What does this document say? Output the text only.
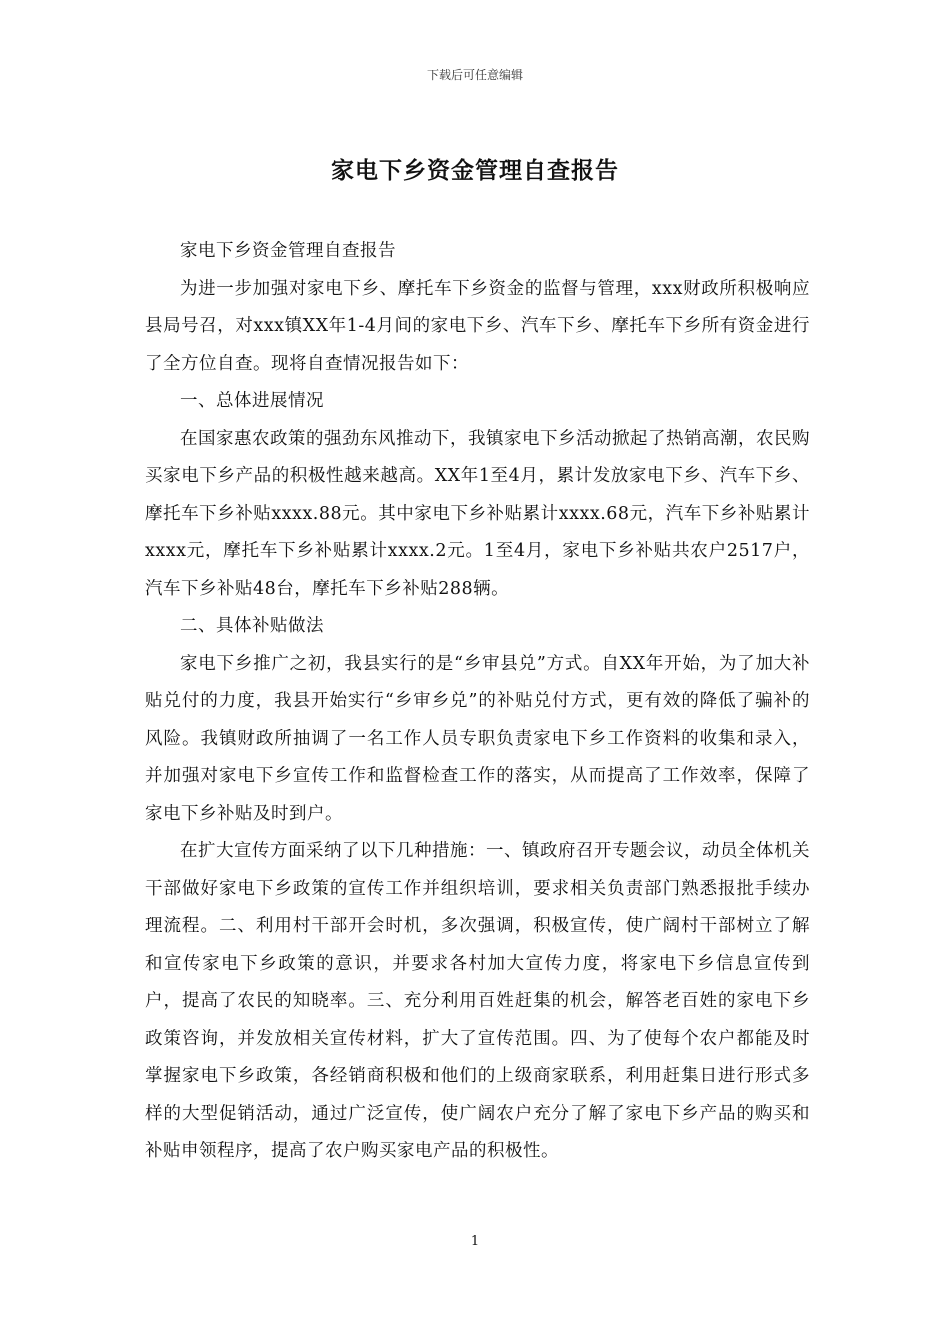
下载后可任意编辑
家电下乡资金管理自查报告

家电下乡资金管理自查报告

为进一步加强对家电下乡、摩托车下乡资金的监督与管理，xxx财政所积极响应县局号召，对xxx镇XX年1-4月间的家电下乡、汽车下乡、摩托车下乡所有资金进行了全方位自查。现将自查情况报告如下：

一、总体进展情况

在国家惠农政策的强劲东风推动下，我镇家电下乡活动掀起了热销高潮，农民购买家电下乡产品的积极性越来越高。XX年1至4月，累计发放家电下乡、汽车下乡、摩托车下乡补贴xxxx.88元。其中家电下乡补贴累计xxxx.68元，汽车下乡补贴累计xxxx元，摩托车下乡补贴累计xxxx.2元。1至4月，家电下乡补贴共农户2517户，汽车下乡补贴48台，摩托车下乡补贴288辆。

二、具体补贴做法

家电下乡推广之初，我县实行的是“乡审县兑”方式。自XX年开始，为了加大补贴兑付的力度，我县开始实行“乡审乡兑”的补贴兑付方式，更有效的降低了骗补的风险。我镇财政所抽调了一名工作人员专职负责家电下乡工作资料的收集和录入，并加强对家电下乡宣传工作和监督检查工作的落实，从而提高了工作效率，保障了家电下乡补贴及时到户。

在扩大宣传方面采纳了以下几种措施：一、镇政府召开专题会议，动员全体机关干部做好家电下乡政策的宣传工作并组织培训，要求相关负责部门熟悉报批手续办理流程。二、利用村干部开会时机，多次强调，积极宣传，使广阔村干部树立了解和宣传家电下乡政策的意识，并要求各村加大宣传力度，将家电下乡信息宣传到户，提高了农民的知晓率。三、充分利用百姓赶集的机会，解答老百姓的家电下乡政策咨询，并发放相关宣传材料，扩大了宣传范围。四、为了使每个农户都能及时掌握家电下乡政策，各经销商积极和他们的上级商家联系，利用赶集日进行形式多样的大型促销活动，通过广泛宣传，使广阔农户充分了解了家电下乡产品的购买和补贴申领程序，提高了农户购买家电产品的积极性。

1
